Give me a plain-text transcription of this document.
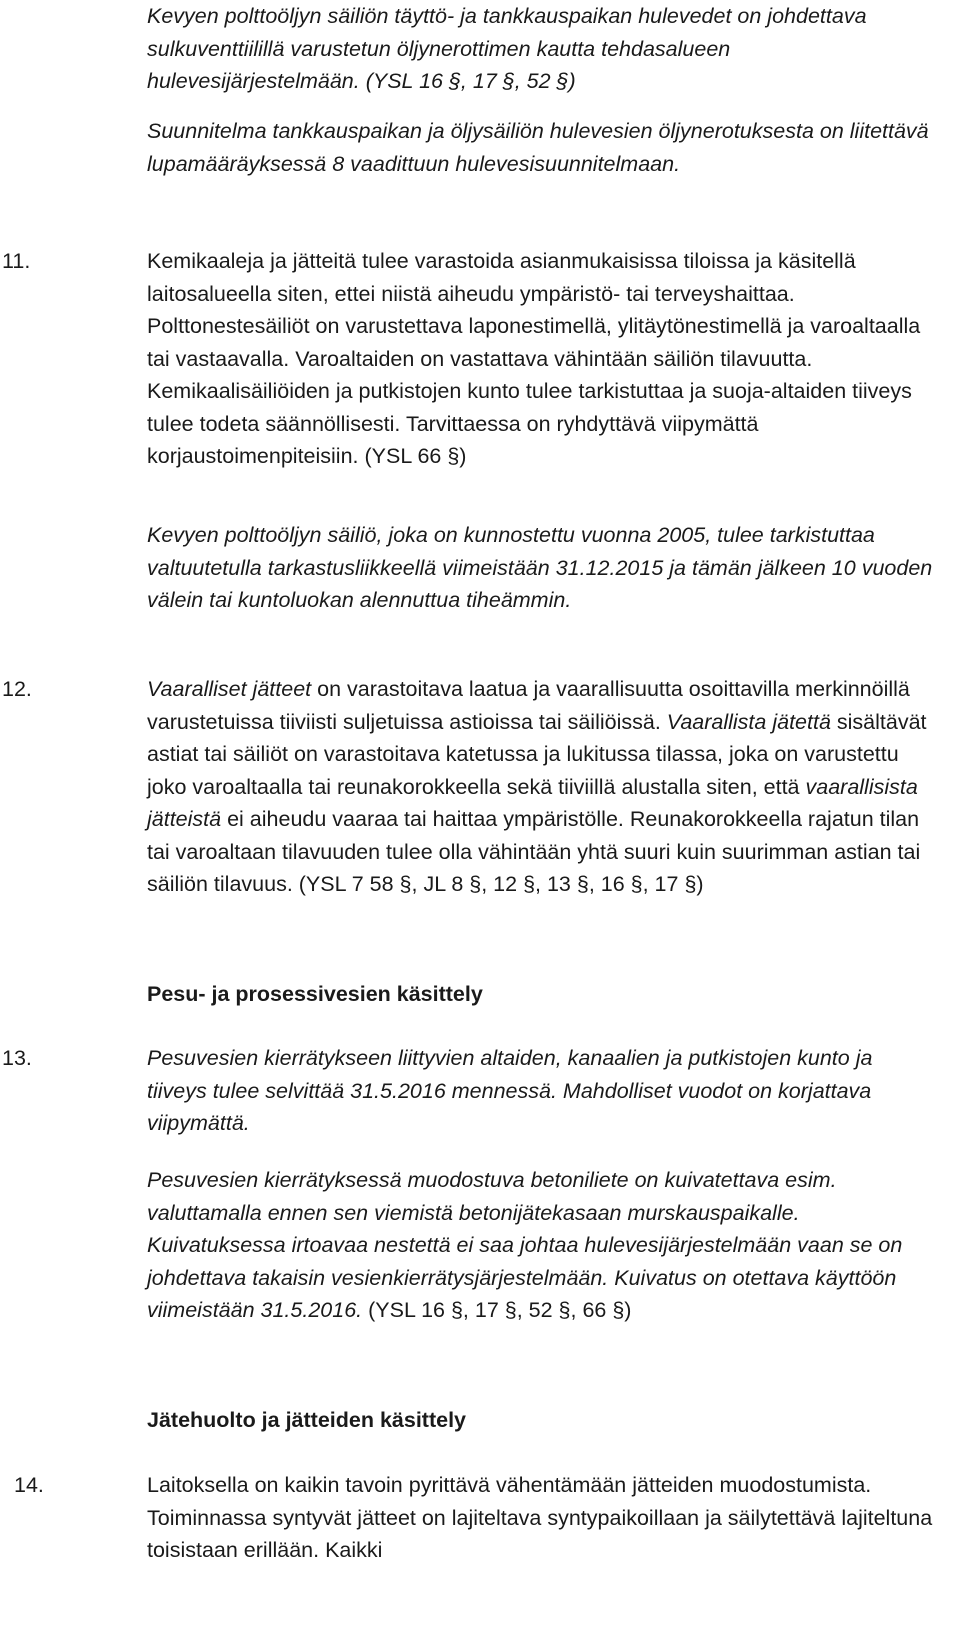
Kevyen polttoöljyn säiliön täyttö- ja tankkauspaikan hulevedet on johdettava sulkuventtiilillä varustetun öljynerottimen kautta tehdasalueen hulevesijärjestelmään. (YSL 16 §, 17 §, 52 §)

Suunnitelma tankkauspaikan ja öljysäiliön hulevesien öljynerotuksesta on liitettävä lupamääräyksessä 8 vaadittuun hulevesisuunnitelmaan.

11.	Kemikaaleja ja jätteitä tulee varastoida asianmukaisissa tiloissa ja käsitellä laitosalueella siten, ettei niistä aiheudu ympäristö- tai terveyshaittaa. Polttonestesäiliöt on varustettava laponestimellä, ylitäytönestimellä ja varoaltaalla tai vastaavalla. Varoaltaiden on vastattava vähintään säiliön tilavuutta. Kemikaalisäiliöiden ja putkistojen kunto tulee tarkistuttaa ja suoja-altaiden tiiveys tulee todeta säännöllisesti. Tarvittaessa on ryhdyttävä viipymättä korjaustoimenpiteisiin. (YSL 66 §)

Kevyen polttoöljyn säiliö, joka on kunnostettu vuonna 2005, tulee tarkistuttaa valtuutetulla tarkastusliikkeellä viimeistään 31.12.2015 ja tämän jälkeen 10 vuoden välein tai kuntoluokan alennuttua tiheämmin.

12.	Vaaralliset jätteet on varastoitava laatua ja vaarallisuutta osoittavilla merkinnöillä varustetuissa tiiviisti suljetuissa astioissa tai säiliöissä. Vaarallista jätettä sisältävät astiat tai säiliöt on varastoitava katetussa ja lukitussa tilassa, joka on varustettu joko varoaltaalla tai reunakorokkeella sekä tiiviillä alustalla siten, että vaarallisista jätteistä ei aiheudu vaaraa tai haittaa ympäristölle. Reunakorokkeella rajatun tilan tai varoaltaan tilavuuden tulee olla vähintään yhtä suuri kuin suurimman astian tai säiliön tilavuus. (YSL 7 58 §, JL 8 §, 12 §, 13 §, 16 §, 17 §)

Pesu- ja prosessivesien käsittely
13.	Pesuvesien kierrätykseen liittyvien altaiden, kanaalien ja putkistojen kunto ja tiiveys tulee selvittää 31.5.2016 mennessä. Mahdolliset vuodot on korjattava viipymättä.

Pesuvesien kierrätyksessä muodostuva betoniliete on kuivatettava esim. valuttamalla ennen sen viemistä betonijätekasaan murskauspaikalle. Kuivatuksessa irtoavaa nestettä ei saa johtaa hulevesijärjestelmään vaan se on johdettava takaisin vesienkierrätysjärjestelmään. Kuivatus on otettava käyttöön viimeistään 31.5.2016. (YSL 16 §, 17 §, 52 §, 66 §)

Jätehuolto ja jätteiden käsittely
14.	Laitoksella on kaikin tavoin pyrittävä vähentämään jätteiden muodostumista. Toiminnassa syntyvät jätteet on lajiteltava syntypaikoillaan ja säilytettävä lajiteltuna toisistaan erillään. Kaikki
